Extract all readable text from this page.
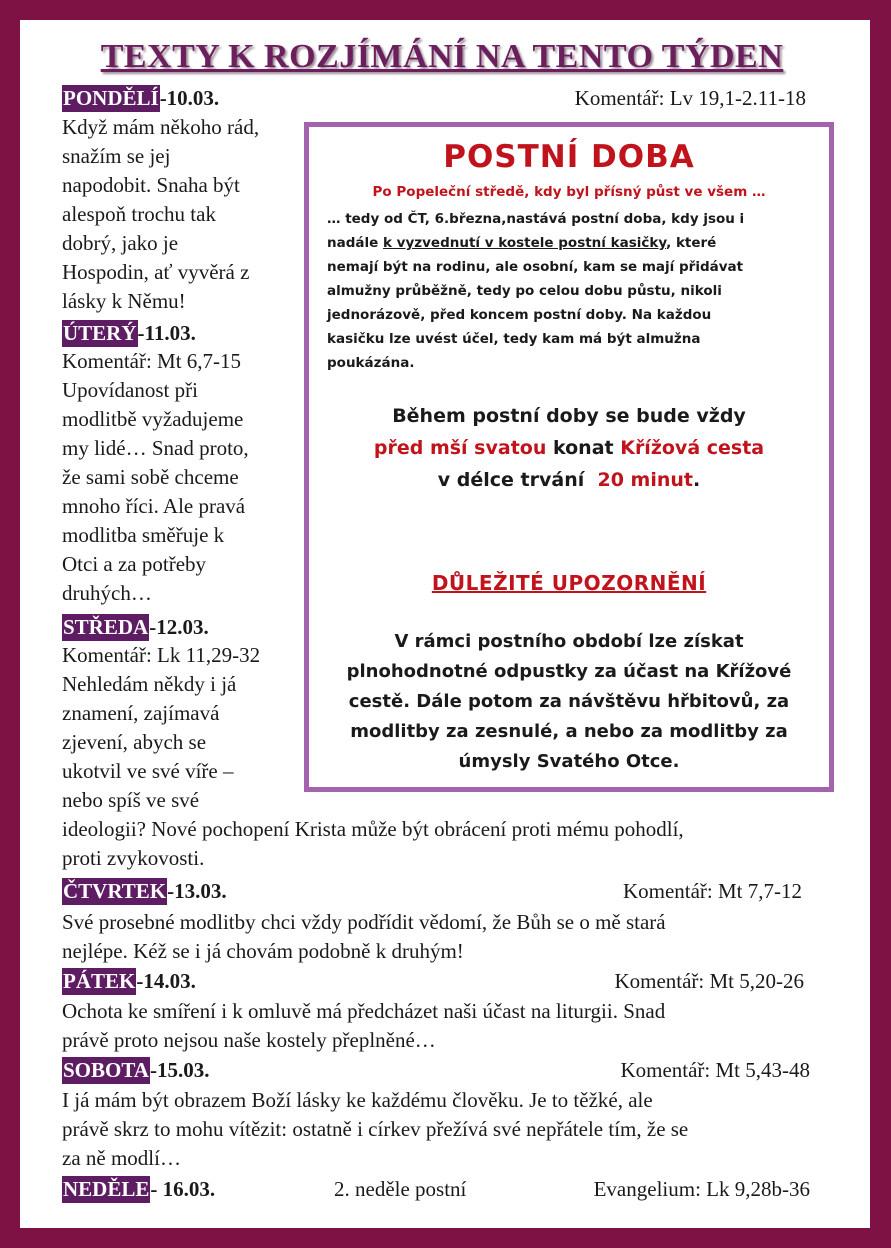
TEXTY K ROZJÍMÁNÍ NA TENTO TÝDEN
PONDĚLÍ-10.03.	Komentář: Lv 19,1-2.11-18
Když mám někoho rád,
snažím se jej
napodobit. Snaha být
alespoň trochu tak
dobrý, jako je
Hospodin, ať vyvěrá z
lásky k Němu!
ÚTERÝ-11.03.
Komentář: Mt 6,7-15
Upovídanost při
modlitbě vyžadujeme
my lidé… Snad proto,
že sami sobě chceme
mnoho říci. Ale pravá
modlitba směřuje k
Otci a za potřeby
druhých…
STŘEDA-12.03.
Komentář: Lk 11,29-32
Nehledám někdy i já
znamení, zajímavá
zjevení, abych se
ukotvil ve své víře –
nebo spíš ve své
ideologii? Nové pochopení Krista může být obrácení proti mému pohodlí,
proti zvykovosti.
ČTVRTEK-13.03.	Komentář: Mt 7,7-12
Své prosebné modlitby chci vždy podřídit vědomí, že Bůh se o mě stará
nejlépe. Kéž se i já chovám podobně k druhým!
PÁTEK-14.03.	Komentář: Mt 5,20-26
Ochota ke smíření i k omluvě má předcházet naši účast na liturgii. Snad
právě proto nejsou naše kostely přeplněné…
SOBOTA-15.03.	Komentář: Mt 5,43-48
I já mám být obrazem Boží lásky ke každému člověku. Je to těžké, ale
právě skrz to mohu vítězit: ostatně i církev přežívá své nepřátele tím, že se
za ně modlí…
NEDĚLE- 16.03.	2. neděle postní	Evangelium: Lk 9,28b-36
POSTNÍ DOBA
Po Popeleční středě, kdy byl přísný půst ve všem …
… tedy od ČT, 6.března,nastává postní doba, kdy jsou i
nadále k vyzvednutí v kostele postní kasičky, které
nemají být na rodinu, ale osobní, kam se mají přidávat
almužny průběžně, tedy po celou dobu půstu, nikoli
jednorázově, před koncem postní doby. Na každou
kasičku lze uvést účel, tedy kam má být almužna
poukázána.
Během postní doby se bude vždy
před mší svatou konat Křížová cesta
v délce trvání 20 minut.
DŮLEŽITÉ UPOZORNĚNÍ
V rámci postního období lze získat
plnohodnotné odpustky za účast na Křížové
cestě. Dále potom za návštěvu hřbitovů, za
modlitby za zesnulé, a nebo za modlitby za
úmysly Svatého Otce.
